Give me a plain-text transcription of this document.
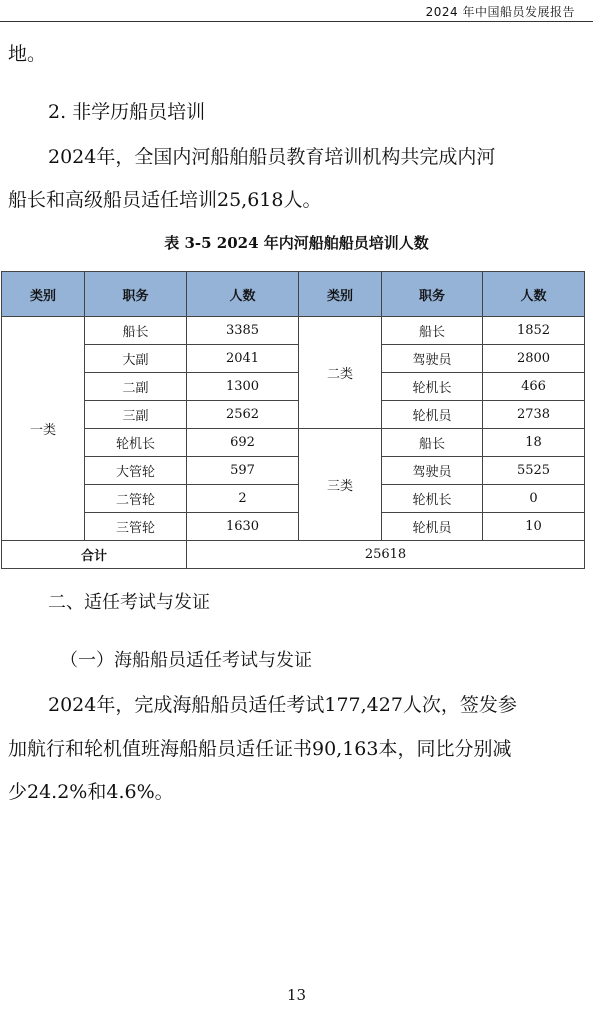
2024 年中国船员发展报告
地。
2. 非学历船员培训
2024年，全国内河船舶船员教育培训机构共完成内河
船长和高级船员适任培训25,618人。
表 3-5 2024 年内河船舶船员培训人数
类别	职务	人数	类别	职务	人数
一类	船长	3385	二类	船长	1852
	大副	2041		驾驶员	2800
	二副	1300		轮机长	466
	三副	2562		轮机员	2738
	轮机长	692	三类	船长	18
	大管轮	597		驾驶员	5525
	二管轮	2		轮机长	0
	三管轮	1630		轮机员	10
合计		25618			
二、适任考试与发证
（一）海船船员适任考试与发证
2024年，完成海船船员适任考试177,427人次，签发参
加航行和轮机值班海船船员适任证书90,163本，同比分别减
少24.2%和4.6%。
13
